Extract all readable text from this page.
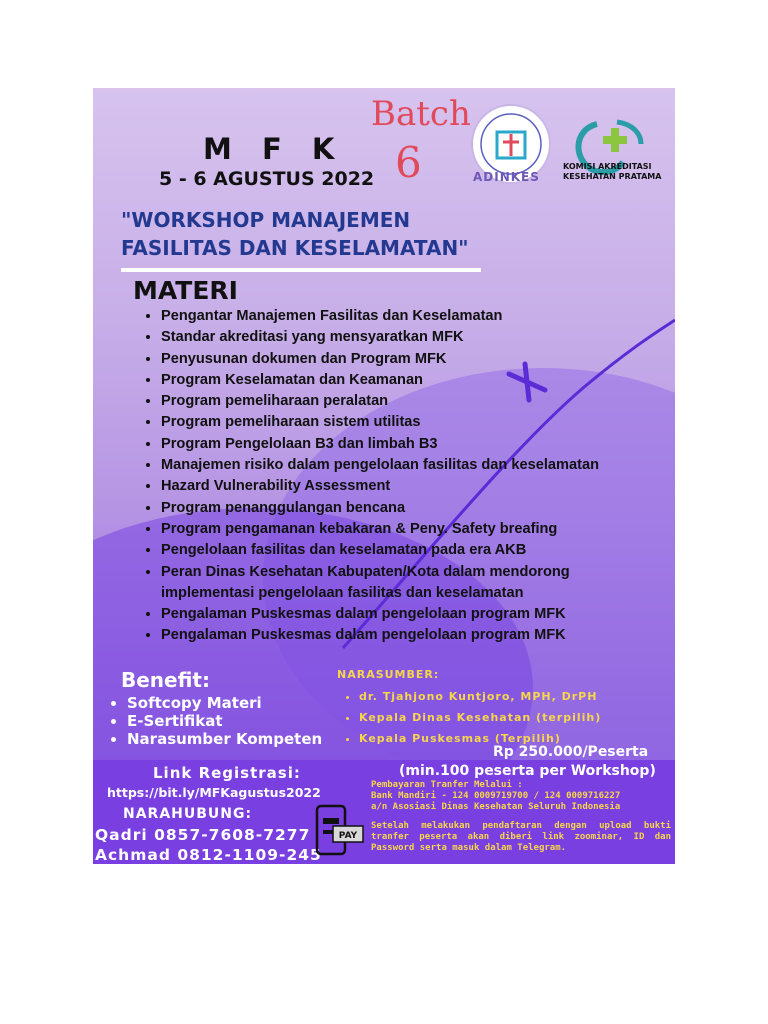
M F K
5 - 6 AGUSTUS 2022
Batch
6	ADINKES
KOMISI AKREDITASI KESEHATAN PRATAMA
"WORKSHOP MANAJEMEN
FASILITAS DAN KESELAMATAN"
MATERI
• Pengantar Manajemen Fasilitas dan Keselamatan
• Standar akreditasi yang mensyaratkan MFK
• Penyusunan dokumen dan Program MFK
• Program Keselamatan dan Keamanan
• Program pemeliharaan peralatan
• Program pemeliharaan sistem utilitas
• Program Pengelolaan B3 dan limbah B3
• Manajemen risiko dalam pengelolaan fasilitas dan keselamatan
• Hazard Vulnerability Assessment
• Program penanggulangan bencana
• Program pengamanan kebakaran & Peny. Safety breafing
• Pengelolaan fasilitas dan keselamatan pada era AKB
• Peran Dinas Kesehatan Kabupaten/Kota dalam mendorong implementasi pengelolaan fasilitas dan keselamatan
• Pengalaman Puskesmas dalam pengelolaan program MFK
• Pengalaman Puskesmas dalam pengelolaan program MFK
Benefit:
• Softcopy Materi
• E-Sertifikat
• Narasumber Kompeten
NARASUMBER:
• dr. Tjahjono Kuntjoro, MPH, DrPH
• Kepala Dinas Kesehatan (terpilih)
• Kepala Puskesmas (Terpilih)
Rp 250.000/Peserta
(min.100 peserta per Workshop)
Link Registrasi:
https://bit.ly/MFKagustus2022
NARAHUBUNG:
Qadri 0857-7608-7277
Achmad 0812-1109-245
PAY

Pembayaran Tranfer Melalui :

Bank Mandiri - 124 0009719700 / 124 0009716227

a/n Asosiasi Dinas Kesehatan Seluruh Indonesia

Setelah melakukan pendaftaran dengan upload bukti tranfer peserta akan diberi link zoominar, ID dan Password serta masuk dalam Telegram.
